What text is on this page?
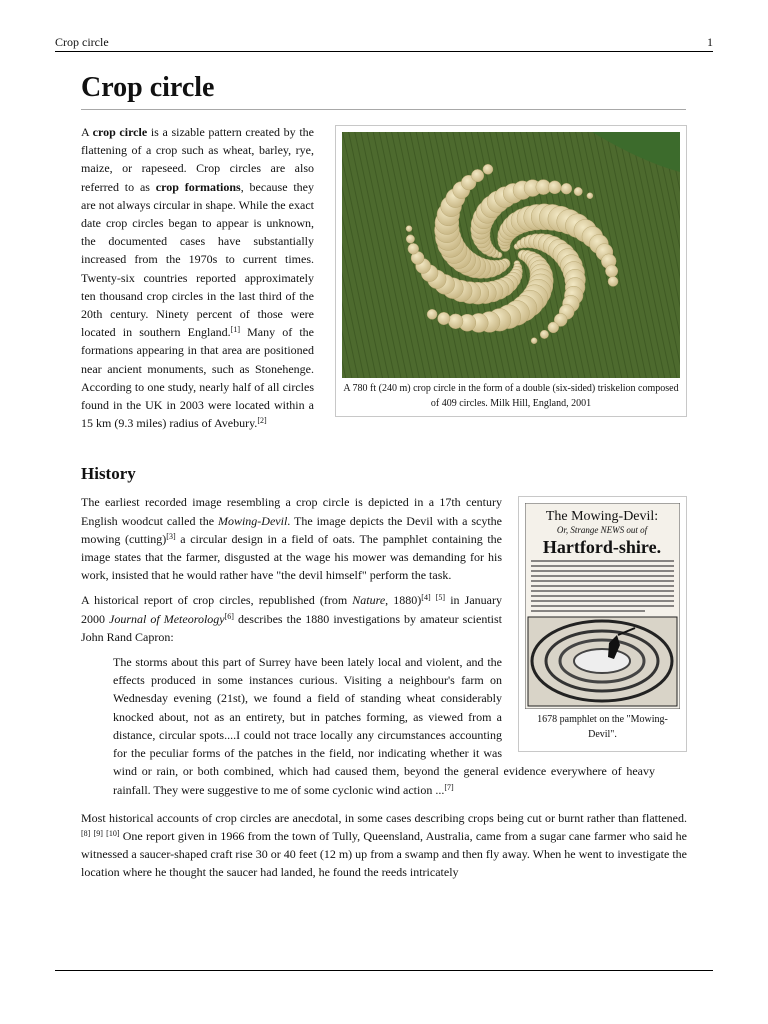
Crop circle	1
Crop circle
A 780 ft (240 m) crop circle in the form of a double (six-sided) triskelion composed of 409 circles. Milk Hill, England, 2001

A crop circle is a sizable pattern created by the flattening of a crop such as wheat, barley, rye, maize, or rapeseed. Crop circles are also referred to as crop formations, because they are not always circular in shape. While the exact date crop circles began to appear is unknown, the documented cases have substantially increased from the 1970s to current times. Twenty-six countries reported approximately ten thousand crop circles in the last third of the 20th century. Ninety percent of those were located in southern England.[1] Many of the formations appearing in that area are positioned near ancient monuments, such as Stonehenge. According to one study, nearly half of all circles found in the UK in 2003 were located within a 15 km (9.3 miles) radius of Avebury.[2]

History
The Mowing-Devil:
Or, Strange NEWS out of
Hartford-shire.
1678 pamphlet on the "Mowing-Devil".

The earliest recorded image resembling a crop circle is depicted in a 17th century English woodcut called the Mowing-Devil. The image depicts the Devil with a scythe mowing (cutting)[3] a circular design in a field of oats. The pamphlet containing the image states that the farmer, disgusted at the wage his mower was demanding for his work, insisted that he would rather have "the devil himself" perform the task.

A historical report of crop circles, republished (from Nature, 1880)[4] [5] in January 2000 Journal of Meteorology[6] describes the 1880 investigations by amateur scientist John Rand Capron:

The storms about this part of Surrey have been lately local and violent, and the effects produced in some instances curious. Visiting a neighbour's farm on Wednesday evening (21st), we found a field of standing wheat considerably knocked about, not as an entirety, but in patches forming, as viewed from a distance, circular spots....I could not trace locally any circumstances accounting for the peculiar forms of the patches in the field, nor indicating whether it was wind or rain, or both combined, which had caused them, beyond the general evidence everywhere of heavy rainfall. They were suggestive to me of some cyclonic wind action ...[7]

Most historical accounts of crop circles are anecdotal, in some cases describing crops being cut or burnt rather than flattened.[8] [9] [10] One report given in 1966 from the town of Tully, Queensland, Australia, came from a sugar cane farmer who said he witnessed a saucer-shaped craft rise 30 or 40 feet (12 m) up from a swamp and then fly away. When he went to investigate the location where he thought the saucer had landed, he found the reeds intricately
